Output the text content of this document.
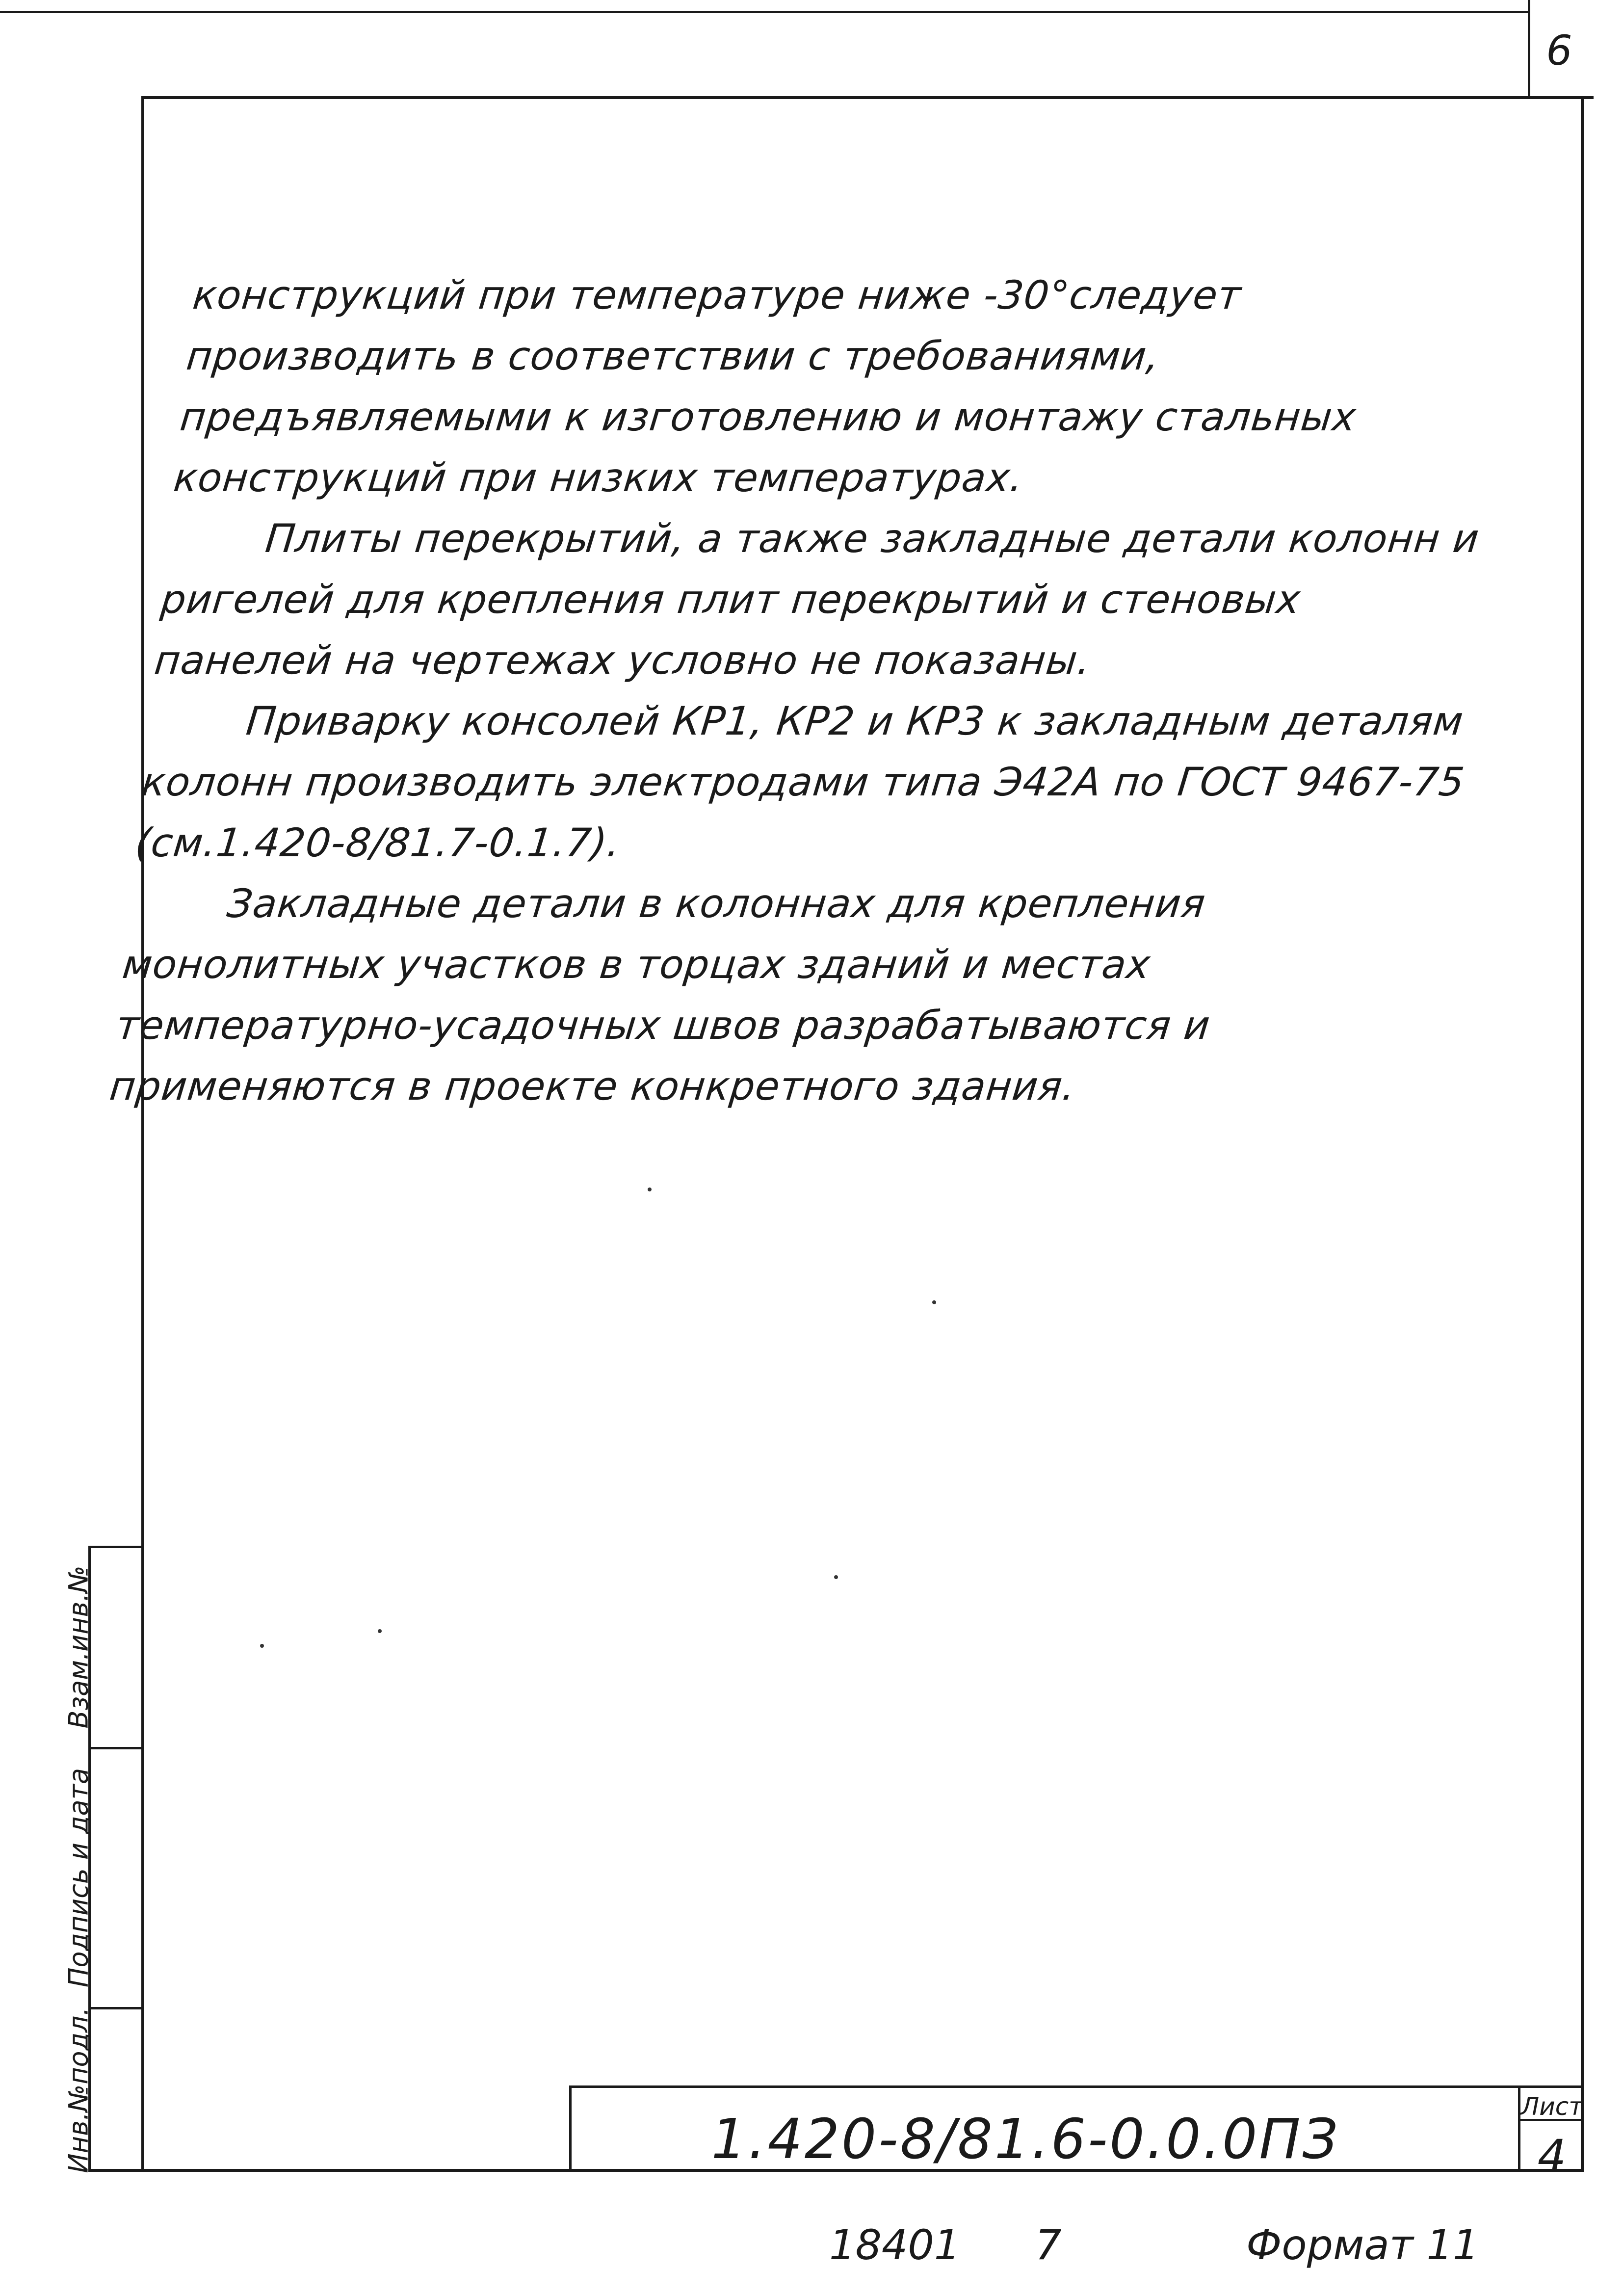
6

конструкций при температуре ниже -30°следует производить в соответствии с требованиями, предъявляемыми к изготовлению и монтажу стальных конструкций при низких температурах.

Плиты перекрытий, а также закладные детали колонн и ригелей для крепления плит перекрытий и стеновых панелей на чертежах условно не показаны.

Приварку консолей КР1, КР2 и КР3 к закладным деталям колонн производить электродами типа Э42А по ГОСТ 9467-75 (см.1.420-8/81.7-0.1.7).

Закладные детали в колоннах для крепления монолитных участков в торцах зданий и местах температурно-усадочных швов разрабатываются и применяются в проекте конкретного здания.

Взам.инв.№
Подпись и дата
Инв.№подл.	1.420-8/81.6-0.0.0ПЗ
Лист
4
18401 7	Формат 11
